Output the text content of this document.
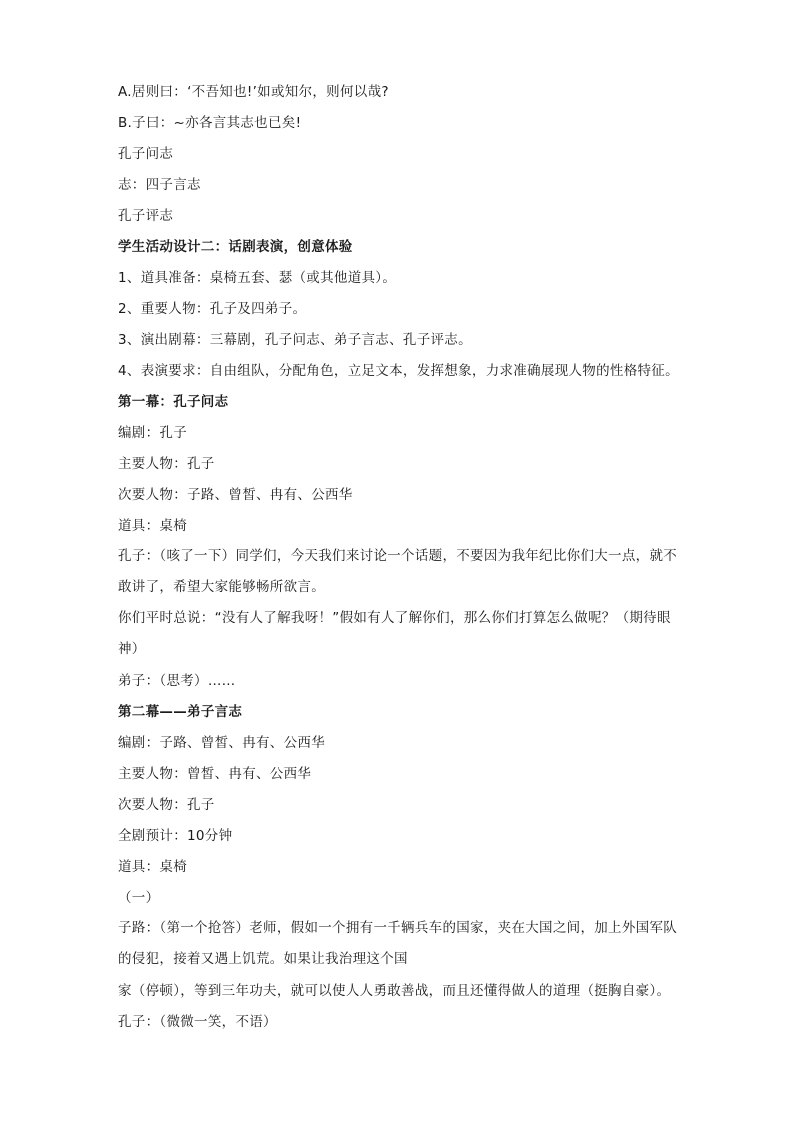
A.居则曰：‘不吾知也!’如或知尔，则何以哉?
B.子曰：~亦各言其志也已矣!
孔子问志
志：四子言志
孔子评志
学生活动设计二：话剧表演，创意体验
1、道具准备：桌椅五套、瑟（或其他道具）。
2、重要人物：孔子及四弟子。
3、演出剧幕：三幕剧，孔子问志、弟子言志、孔子评志。
4、表演要求：自由组队，分配角色，立足文本，发挥想象，力求准确展现人物的性格特征。
第一幕：孔子问志
编剧：孔子
主要人物：孔子
次要人物：子路、曾皙、冉有、公西华
道具：桌椅
孔子：（咳了一下）同学们，今天我们来讨论一个话题，不要因为我年纪比你们大一点，就不敢讲了，希望大家能够畅所欲言。
你们平时总说：“没有人了解我呀！”假如有人了解你们，那么你们打算怎么做呢？（期待眼神）
弟子：（思考）……
第二幕——弟子言志
编剧：子路、曾皙、冉有、公西华
主要人物：曾皙、冉有、公西华
次要人物：孔子
全剧预计：10分钟
道具：桌椅
（一）
子路：（第一个抢答）老师，假如一个拥有一千辆兵车的国家，夹在大国之间，加上外国军队的侵犯，接着又遇上饥荒。如果让我治理这个国
家（停顿），等到三年功夫，就可以使人人勇敢善战，而且还懂得做人的道理（挺胸自豪）。
孔子：（微微一笑，不语）
